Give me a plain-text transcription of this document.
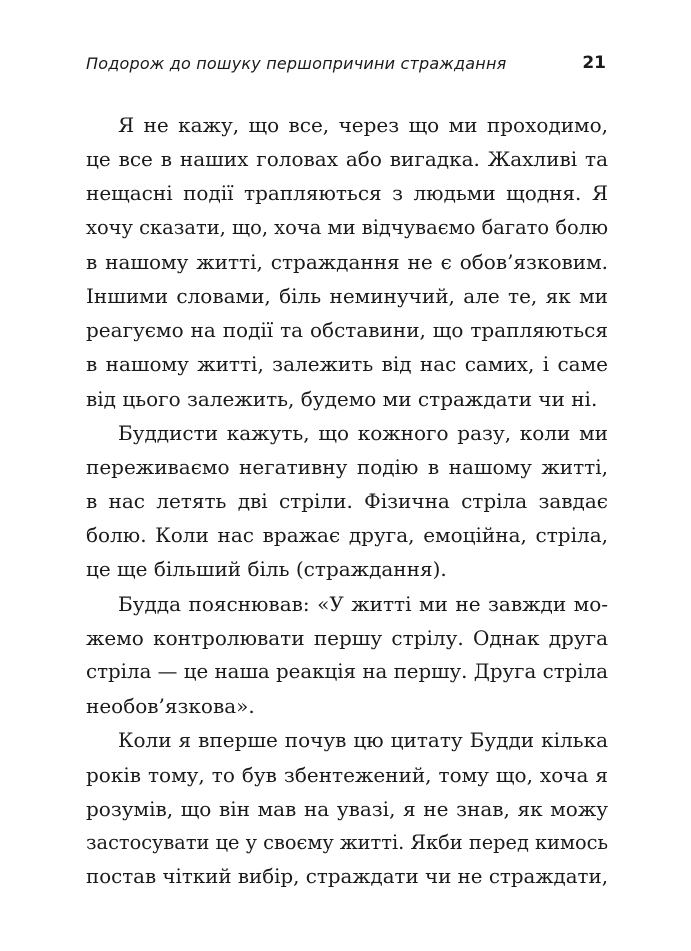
Подорож до пошуку першопричини страждання	21
Я не кажу, що все, через що ми проходимо,
це все в наших головах або вигадка. Жахливі та
нещасні події трапляються з людьми щодня. Я
хочу сказати, що, хоча ми відчуваємо багато болю
в нашому житті, страждання не є обов’язковим.
Іншими словами, біль неминучий, але те, як ми
реагуємо на події та обставини, що трапляються
в нашому житті, залежить від нас самих, і саме
від цього залежить, будемо ми страждати чи ні.
Буддисти кажуть, що кожного разу, коли ми
переживаємо негативну подію в нашому житті,
в нас летять дві стріли. Фізична стріла завдає
болю. Коли нас вражає друга, емоційна, стріла,
це ще більший біль (страждання).
Будда пояснював: «У житті ми не завжди мо-
жемо контролювати першу стрілу. Однак друга
стріла — це наша реакція на першу. Друга стріла
необов’язкова».
Коли я вперше почув цю цитату Будди кілька
років тому, то був збентежений, тому що, хоча я
розумів, що він мав на увазі, я не знав, як можу
застосувати це у своєму житті. Якби перед кимось
постав чіткий вибір, страждати чи не страждати,
